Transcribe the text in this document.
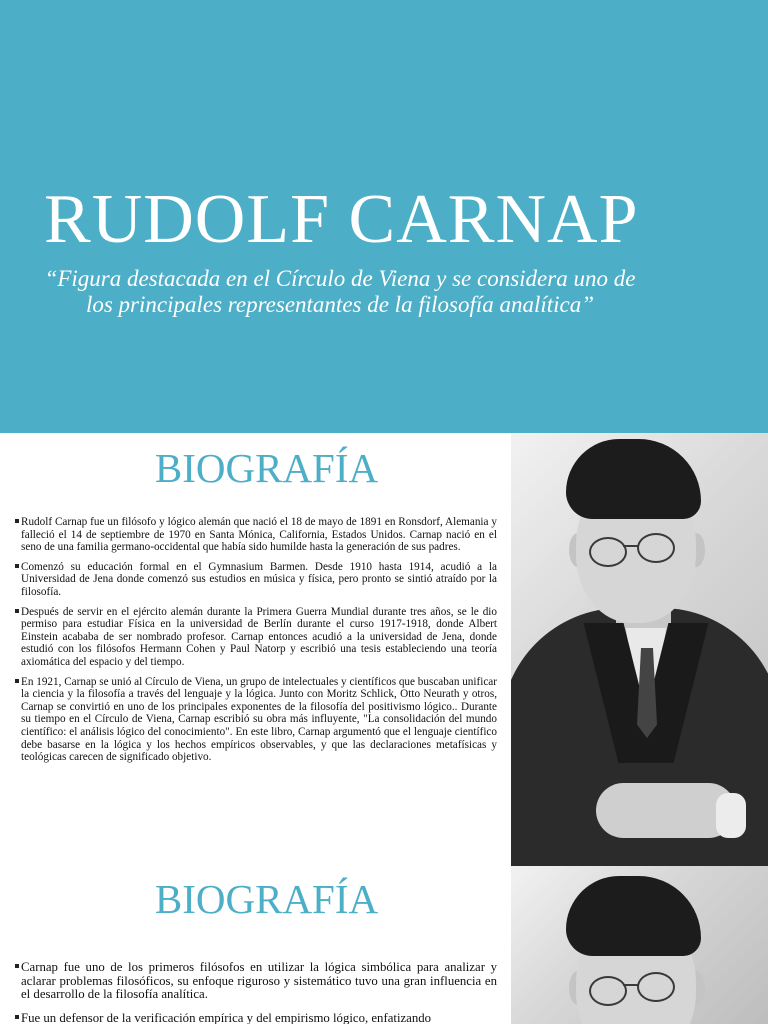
RUDOLF CARNAP
“Figura destacada en el Círculo de Viena y se considera uno de los principales representantes de la filosofía analítica”
BIOGRAFÍA
Rudolf Carnap fue un filósofo y lógico alemán que nació el 18 de mayo de 1891 en Ronsdorf, Alemania y falleció el 14 de septiembre de 1970 en Santa Mónica, California, Estados Unidos. Carnap nació en el seno de una familia germano-occidental que había sido humilde hasta la generación de sus padres.
Comenzó su educación formal en el Gymnasium Barmen. Desde 1910 hasta 1914, acudió a la Universidad de Jena donde comenzó sus estudios en música y física, pero pronto se sintió atraído por la filosofía.
Después de servir en el ejército alemán durante la Primera Guerra Mundial durante tres años, se le dio permiso para estudiar Física en la universidad de Berlín durante el curso 1917-1918, donde Albert Einstein acababa de ser nombrado profesor. Carnap entonces acudió a la universidad de Jena, donde estudió con los filósofos Hermann Cohen y Paul Natorp y escribió una tesis estableciendo una teoría axiomática del espacio y del tiempo.
En 1921, Carnap se unió al Círculo de Viena, un grupo de intelectuales y científicos que buscaban unificar la ciencia y la filosofía a través del lenguaje y la lógica. Junto con Moritz Schlick, Otto Neurath y otros, Carnap se convirtió en uno de los principales exponentes de la filosofía del positivismo lógico.. Durante su tiempo en el Círculo de Viena, Carnap escribió su obra más influyente, "La consolidación del mundo científico: el análisis lógico del conocimiento". En este libro, Carnap argumentó que el lenguaje científico debe basarse en la lógica y los hechos empíricos observables, y que las declaraciones metafísicas y teológicas carecen de significado objetivo.
BIOGRAFÍA
Carnap fue uno de los primeros filósofos en utilizar la lógica simbólica para analizar y aclarar problemas filosóficos, su enfoque riguroso y sistemático tuvo una gran influencia en el desarrollo de la filosofía analítica.
Fue un defensor de la verificación empírica y del empirismo lógico, enfatizando
